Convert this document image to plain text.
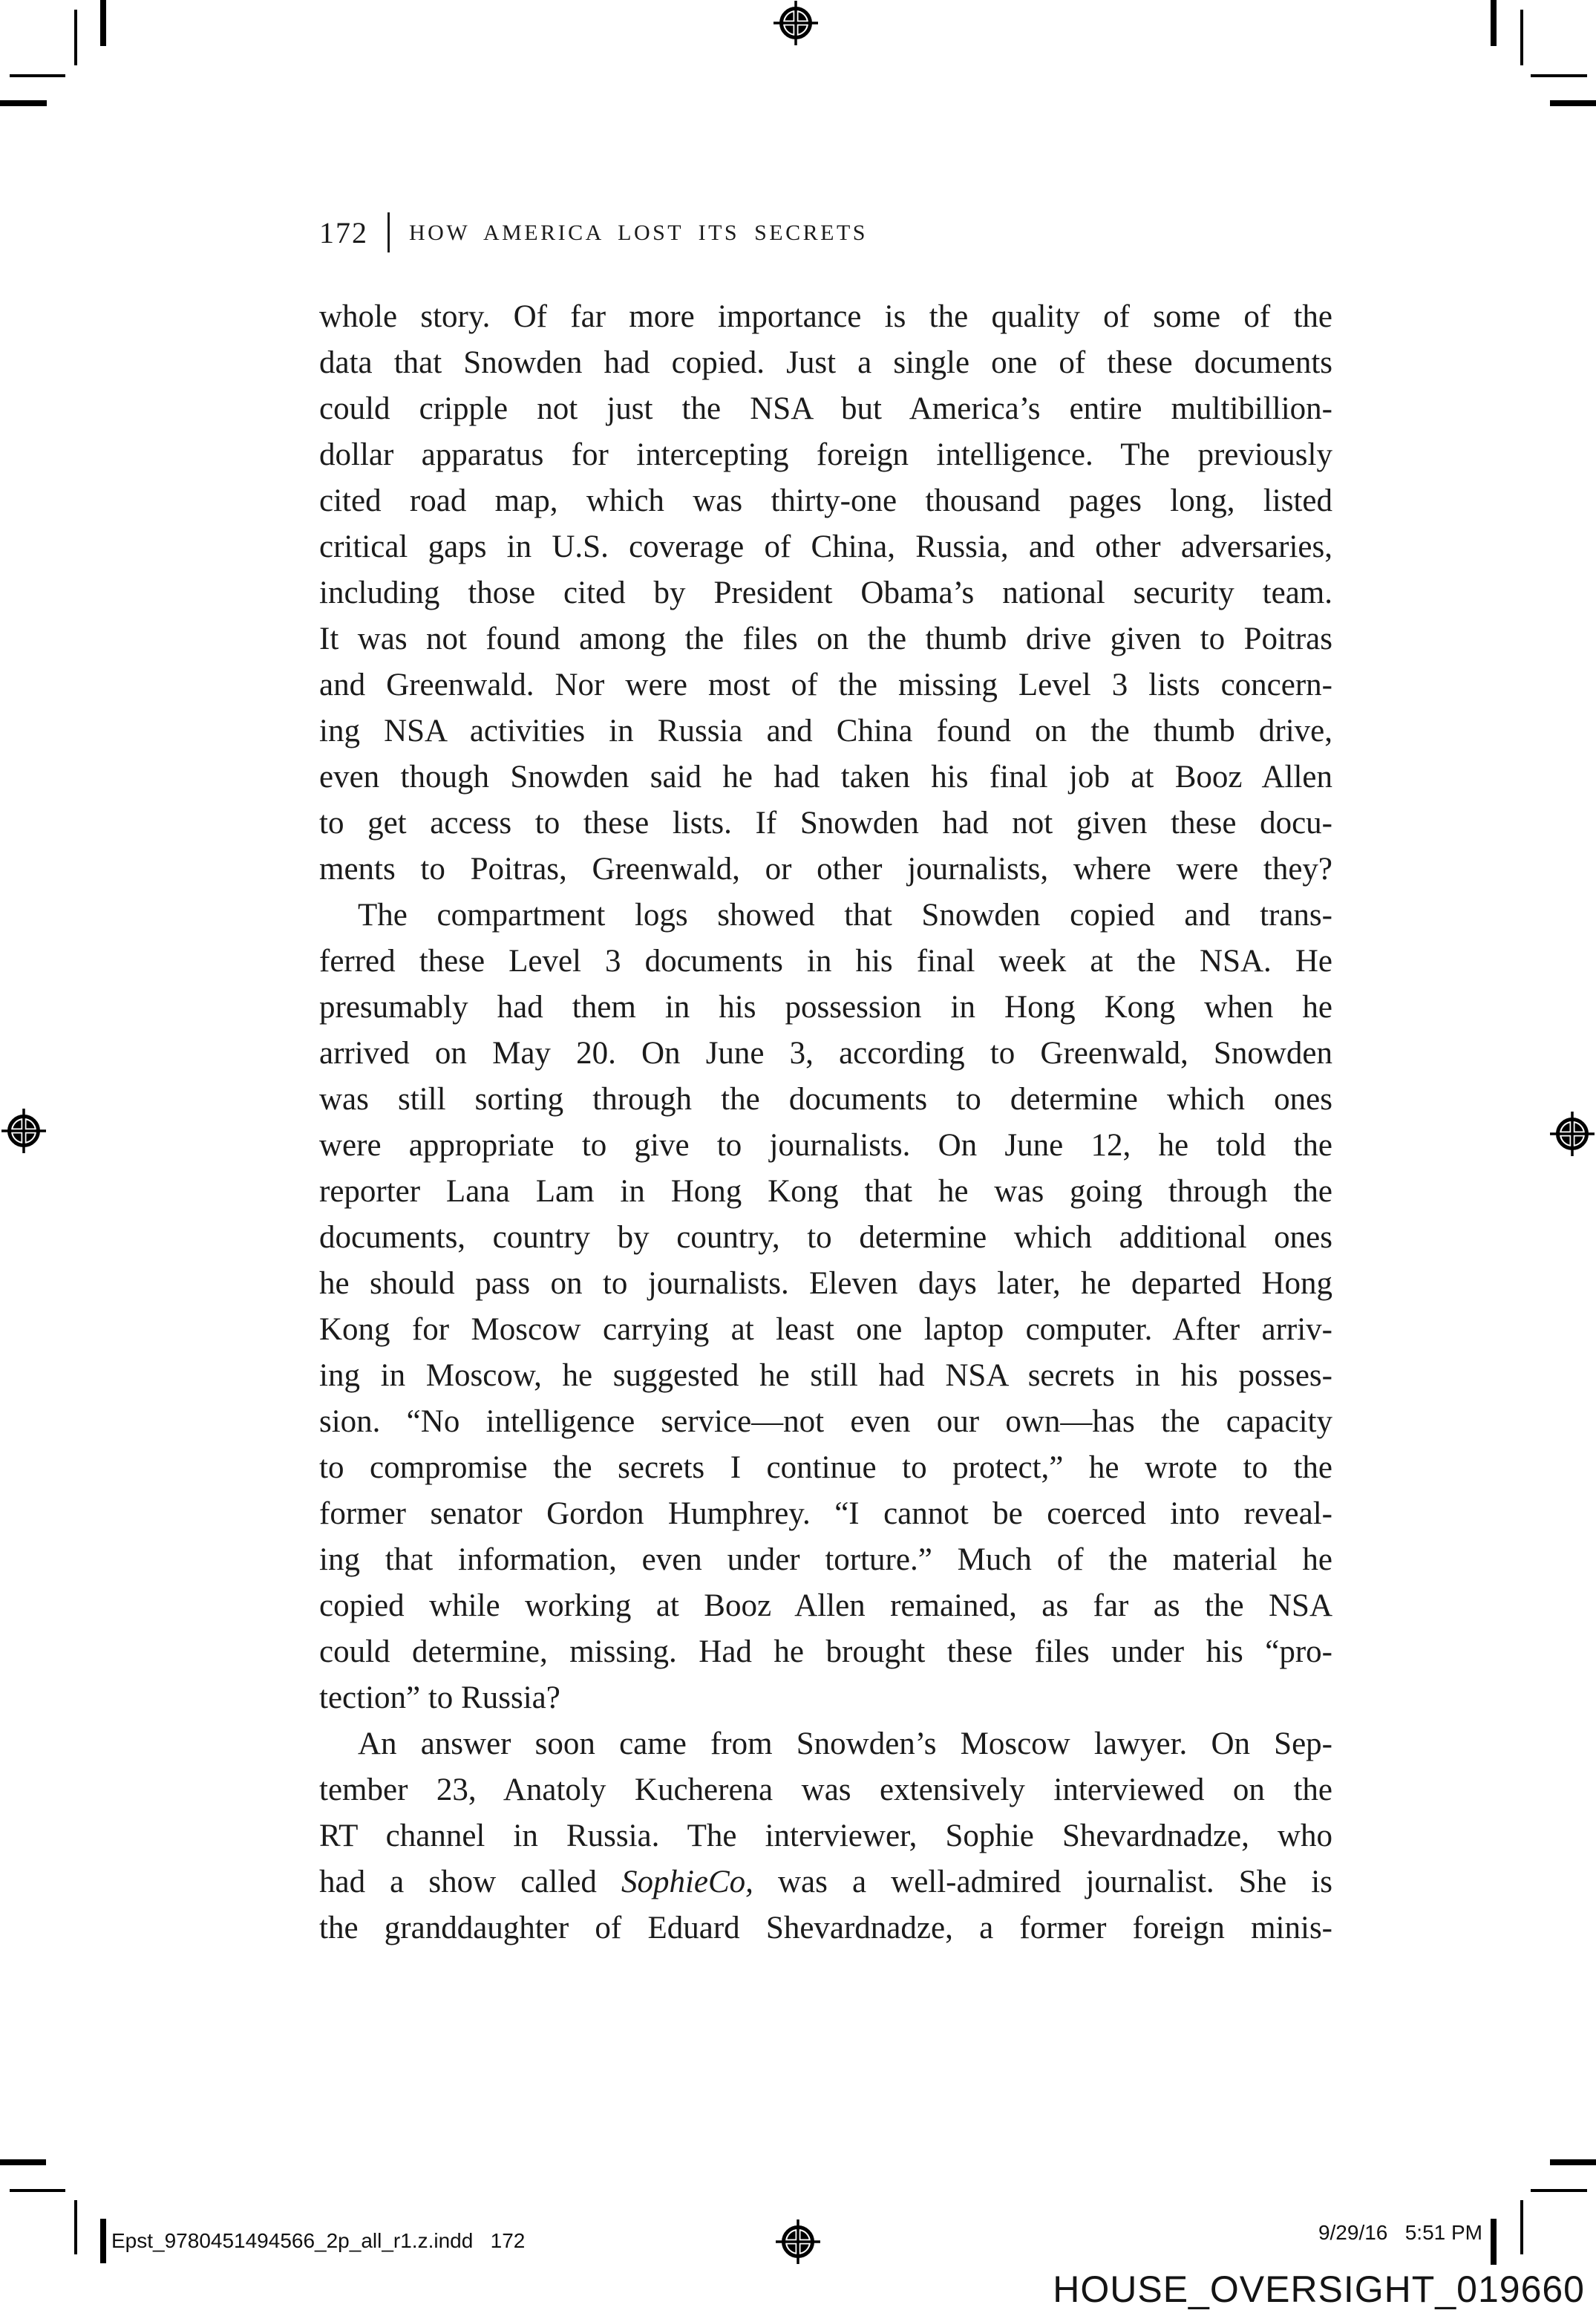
172 HOW AMERICA LOST ITS SECRETS
whole story. Of far more importance is the quality of some of the
data that Snowden had copied. Just a single one of these documents
could cripple not just the NSA but America’s entire multibillion-
dollar apparatus for intercepting foreign intelligence. The previously
cited road map, which was thirty-one thousand pages long, listed
critical gaps in U.S. coverage of China, Russia, and other adversaries,
including those cited by President Obama’s national security team.
It was not found among the files on the thumb drive given to Poitras
and Greenwald. Nor were most of the missing Level 3 lists concern-
ing NSA activities in Russia and China found on the thumb drive,
even though Snowden said he had taken his final job at Booz Allen
to get access to these lists. If Snowden had not given these docu-
ments to Poitras, Greenwald, or other journalists, where were they?
The compartment logs showed that Snowden copied and trans-
ferred these Level 3 documents in his final week at the NSA. He
presumably had them in his possession in Hong Kong when he
arrived on May 20. On June 3, according to Greenwald, Snowden
was still sorting through the documents to determine which ones
were appropriate to give to journalists. On June 12, he told the
reporter Lana Lam in Hong Kong that he was going through the
documents, country by country, to determine which additional ones
he should pass on to journalists. Eleven days later, he departed Hong
Kong for Moscow carrying at least one laptop computer. After arriv-
ing in Moscow, he suggested he still had NSA secrets in his posses-
sion. “No intelligence service—not even our own—has the capacity
to compromise the secrets I continue to protect,” he wrote to the
former senator Gordon Humphrey. “I cannot be coerced into reveal-
ing that information, even under torture.” Much of the material he
copied while working at Booz Allen remained, as far as the NSA
could determine, missing. Had he brought these files under his “pro-
tection” to Russia?
An answer soon came from Snowden’s Moscow lawyer. On Sep-
tember 23, Anatoly Kucherena was extensively interviewed on the
RT channel in Russia. The interviewer, Sophie Shevardnadze, who
had a show called SophieCo, was a well-admired journalist. She is
the granddaughter of Eduard Shevardnadze, a former foreign minis-
Epst_9780451494566_2p_all_r1.z.indd   172	9/29/16   5:51 PM
HOUSE_OVERSIGHT_019660
